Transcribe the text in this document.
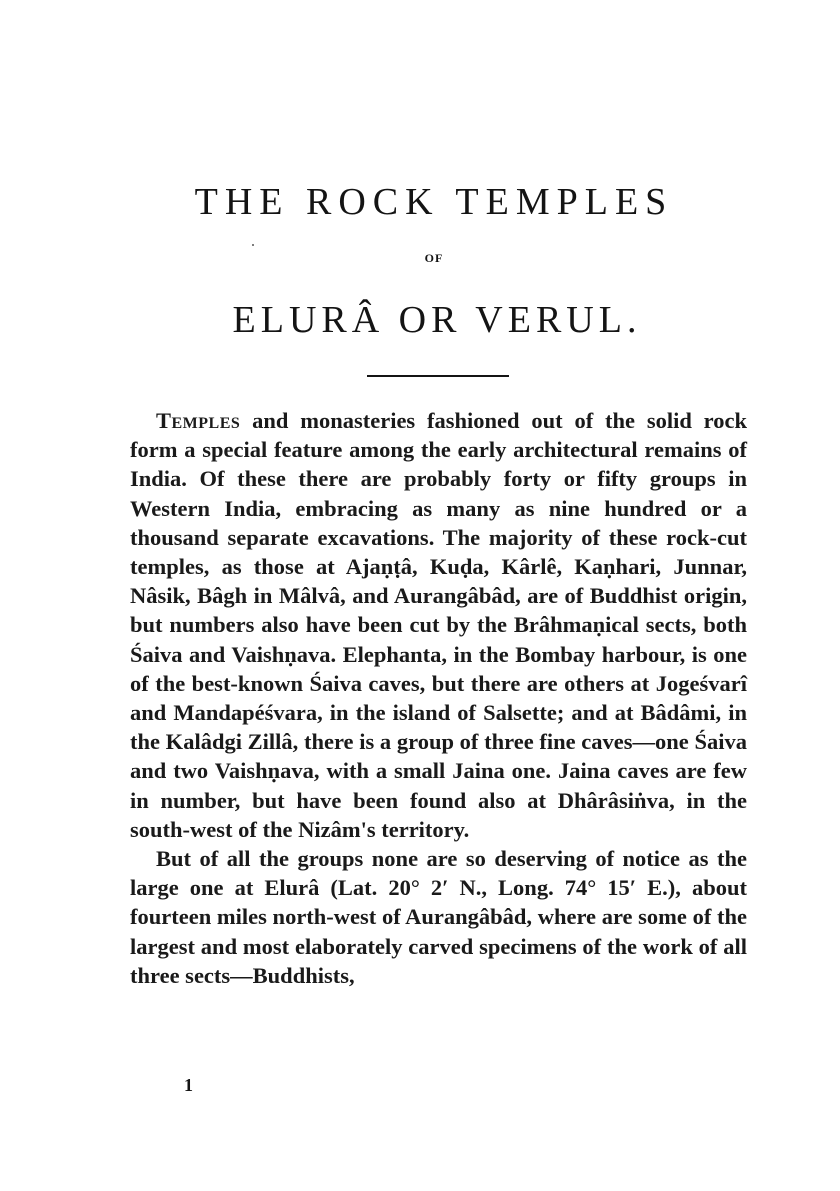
THE ROCK TEMPLES
OF
ELURÂ OR VERUL.

Temples and monasteries fashioned out of the solid rock form a special feature among the early architectural remains of India. Of these there are probably forty or fifty groups in Western India, embracing as many as nine hundred or a thousand separate excavations. The majority of these rock-cut temples, as those at Ajaṇṭâ, Kuḍa, Kârlê, Kaṇhari, Junnar, Nâsik, Bâgh in Mâlvâ, and Aurangâbâd, are of Buddhist origin, but numbers also have been cut by the Brâhmaṇical sects, both Śaiva and Vaishṇava. Elephanta, in the Bombay harbour, is one of the best-known Śaiva caves, but there are others at Jogeśvarî and Mandapéśvara, in the island of Salsette; and at Bâdâmi, in the Kalâdgi Zillâ, there is a group of three fine caves—one Śaiva and two Vaishṇava, with a small Jaina one. Jaina caves are few in number, but have been found also at Dhârâsiṅva, in the south-west of the Nizâm's territory.

But of all the groups none are so deserving of notice as the large one at Elurâ (Lat. 20° 2′ N., Long. 74° 15′ E.), about fourteen miles north-west of Aurangâbâd, where are some of the largest and most elaborately carved specimens of the work of all three sects—Buddhists,

1
